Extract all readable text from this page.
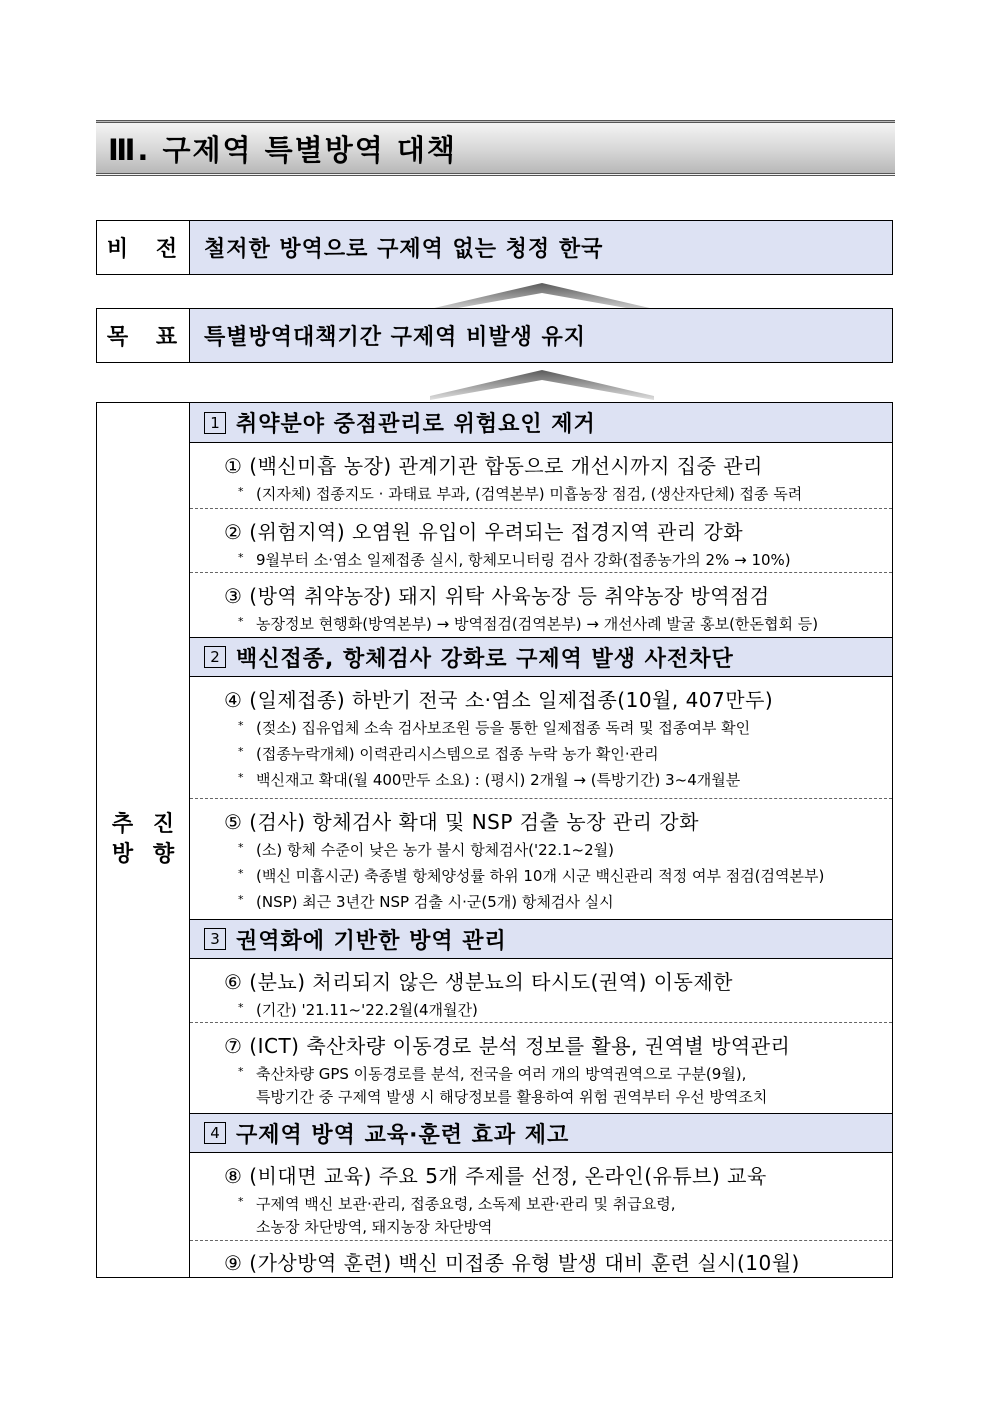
Ⅲ. 구제역 특별방역 대책
비 전 철저한 방역으로 구제역 없는 청정 한국
목 표 특별방역대책기간 구제역 비발생 유지
추 진
방 향
1 취약분야 중점관리로 위험요인 제거
① (백신미흡 농장) 관계기관 합동으로 개선시까지 집중 관리
* (지자체) 접종지도 · 과태료 부과, (검역본부) 미흡농장 점검, (생산자단체) 접종 독려
② (위험지역) 오염원 유입이 우려되는 접경지역 관리 강화
* 9월부터 소·염소 일제접종 실시, 항체모니터링 검사 강화(접종농가의 2% → 10%)
③ (방역 취약농장) 돼지 위탁 사육농장 등 취약농장 방역점검
* 농장정보 현행화(방역본부) → 방역점검(검역본부) → 개선사례 발굴 홍보(한돈협회 등)
2 백신접종, 항체검사 강화로 구제역 발생 사전차단
④ (일제접종) 하반기 전국 소·염소 일제접종(10월, 407만두)
* (젖소) 집유업체 소속 검사보조원 등을 통한 일제접종 독려 및 접종여부 확인
* (접종누락개체) 이력관리시스템으로 접종 누락 농가 확인·관리
* 백신재고 확대(월 400만두 소요) : (평시) 2개월 → (특방기간) 3~4개월분
⑤ (검사) 항체검사 확대 및 NSP 검출 농장 관리 강화
* (소) 항체 수준이 낮은 농가 불시 항체검사('22.1~2월)
* (백신 미흡시군) 축종별 항체양성률 하위 10개 시군 백신관리 적정 여부 점검(검역본부)
* (NSP) 최근 3년간 NSP 검출 시·군(5개) 항체검사 실시
3 권역화에 기반한 방역 관리
⑥ (분뇨) 처리되지 않은 생분뇨의 타시도(권역) 이동제한
* (기간) '21.11~'22.2월(4개월간)
⑦ (ICT) 축산차량 이동경로 분석 정보를 활용, 권역별 방역관리
* 축산차량 GPS 이동경로를 분석, 전국을 여러 개의 방역권역으로 구분(9월),
특방기간 중 구제역 발생 시 해당정보를 활용하여 위험 권역부터 우선 방역조치
4 구제역 방역 교육·훈련 효과 제고
⑧ (비대면 교육) 주요 5개 주제를 선정, 온라인(유튜브) 교육
* 구제역 백신 보관·관리, 접종요령, 소독제 보관·관리 및 취급요령,
소농장 차단방역, 돼지농장 차단방역
⑨ (가상방역 훈련) 백신 미접종 유형 발생 대비 훈련 실시(10월)
